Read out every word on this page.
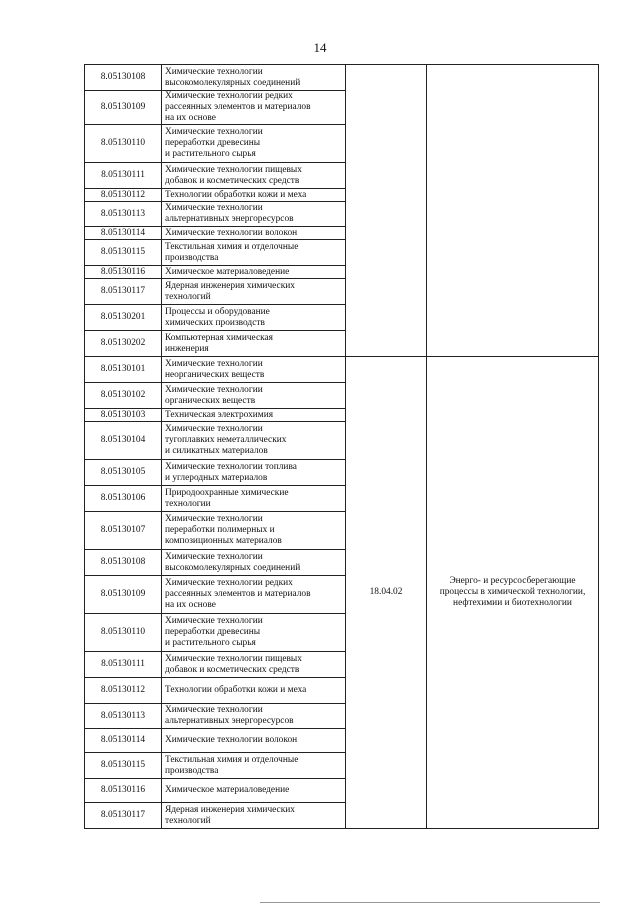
14
8.05130108	Химические технологии
высокомолекулярных соединений		
8.05130109	Химические технологии редких
рассеянных элементов и материалов
на их основе		
8.05130110	Химические технологии
переработки древесины
и растительного сырья		
8.05130111	Химические технологии пищевых
добавок и косметических средств		
8.05130112	Технологии обработки кожи и меха		
8.05130113	Химические технологии
альтернативных энергоресурсов		
8.05130114	Химические технологии волокон		
8.05130115	Текстильная химия и отделочные
производства		
8.05130116	Химическое материаловедение		
8.05130117	Ядерная инженерия химических
технологий		
8.05130201	Процессы и оборудование
химических производств		
8.05130202	Компьютерная химическая
инженерия		
8.05130101	Химические технологии
неорганических веществ	18.04.02	Энерго- и ресурсосберегающие процессы в химической технологии, нефтехимии и биотехнологии
8.05130102	Химические технологии
органических веществ		
8.05130103	Техническая электрохимия		
8.05130104	Химические технологии
тугоплавких неметаллических
и силикатных материалов		
8.05130105	Химические технологии топлива
и углеродных материалов		
8.05130106	Природоохранные химические
технологии		
8.05130107	Химические технологии
переработки полимерных и
композиционных материалов		
8.05130108	Химические технологии
высокомолекулярных соединений		
8.05130109	Химические технологии редких
рассеянных элементов и материалов
на их основе		
8.05130110	Химические технологии
переработки древесины
и растительного сырья		
8.05130111	Химические технологии пищевых
добавок и косметических средств		
8.05130112	Технологии обработки кожи и меха		
8.05130113	Химические технологии
альтернативных энергоресурсов		
8.05130114	Химические технологии волокон		
8.05130115	Текстильная химия и отделочные
производства		
8.05130116	Химическое материаловедение		
8.05130117	Ядерная инженерия химических
технологий		
